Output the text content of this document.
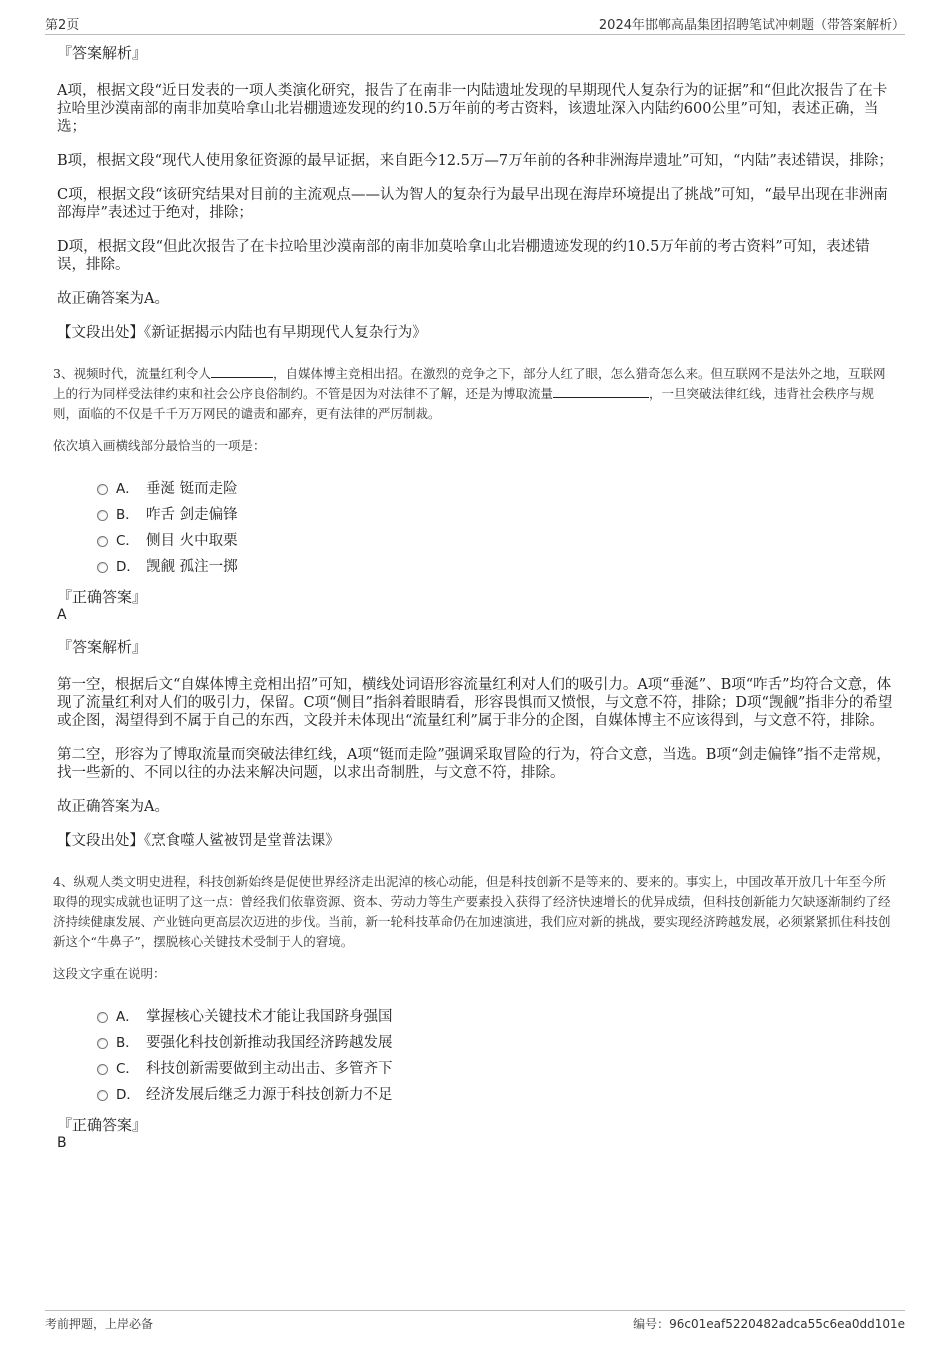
第2页	2024年邯郸高晶集团招聘笔试冲刺题（带答案解析）
『答案解析』

A项，根据文段“近日发表的一项人类演化研究，报告了在南非一内陆遗址发现的早期现代人复杂行为的证据”和“但此次报告了在卡拉哈里沙漠南部的南非加莫哈拿山北岩棚遗迹发现的约10.5万年前的考古资料，该遗址深入内陆约600公里”可知，表述正确，当选；

B项，根据文段“现代人使用象征资源的最早证据，来自距今12.5万—7万年前的各种非洲海岸遗址”可知，“内陆”表述错误，排除；

C项，根据文段“该研究结果对目前的主流观点——认为智人的复杂行为最早出现在海岸环境提出了挑战”可知，“最早出现在非洲南部海岸”表述过于绝对，排除；

D项，根据文段“但此次报告了在卡拉哈里沙漠南部的南非加莫哈拿山北岩棚遗迹发现的约10.5万年前的考古资料”可知，表述错误，排除。

故正确答案为A。

【文段出处】《新证据揭示内陆也有早期现代人复杂行为》

3、视频时代，流量红利令人	，自媒体博主竞相出招。在激烈的竞争之下，部分人红了眼，怎么猎奇怎么来。但互联网不是法外之地，互联网上的行为同样受法律约束和社会公序良俗制约。不管是因为对法律不了解，还是为博取流量	，一旦突破法律红线，违背社会秩序与规则，面临的不仅是千千万万网民的谴责和鄙弃，更有法律的严厉制裁。
依次填入画横线部分最恰当的一项是：
A． 垂涎 铤而走险
B． 咋舌 剑走偏锋
C． 侧目 火中取栗
D． 觊觎 孤注一掷
『正确答案』
A
『答案解析』

第一空，根据后文“自媒体博主竞相出招”可知，横线处词语形容流量红利对人们的吸引力。A项“垂涎”、B项“咋舌”均符合文意，体现了流量红利对人们的吸引力，保留。C项“侧目”指斜着眼睛看，形容畏惧而又愤恨，与文意不符，排除；D项“觊觎”指非分的希望或企图，渴望得到不属于自己的东西，文段并未体现出“流量红利”属于非分的企图，自媒体博主不应该得到，与文意不符，排除。

第二空，形容为了博取流量而突破法律红线，A项“铤而走险”强调采取冒险的行为，符合文意，当选。B项“剑走偏锋”指不走常规，找一些新的、不同以往的办法来解决问题，以求出奇制胜，与文意不符，排除。

故正确答案为A。

【文段出处】《烹食噬人鲨被罚是堂普法课》

4、纵观人类文明史进程，科技创新始终是促使世界经济走出泥淖的核心动能，但是科技创新不是等来的、要来的。事实上，中国改革开放几十年至今所取得的现实成就也证明了这一点：曾经我们依靠资源、资本、劳动力等生产要素投入获得了经济快速增长的优异成绩，但科技创新能力欠缺逐渐制约了经济持续健康发展、产业链向更高层次迈进的步伐。当前，新一轮科技革命仍在加速演进，我们应对新的挑战，要实现经济跨越发展，必须紧紧抓住科技创新这个“牛鼻子”，摆脱核心关键技术受制于人的窘境。
这段文字重在说明：
A． 掌握核心关键技术才能让我国跻身强国
B． 要强化科技创新推动我国经济跨越发展
C． 科技创新需要做到主动出击、多管齐下
D． 经济发展后继乏力源于科技创新力不足
『正确答案』
B
考前押题，上岸必备	编号：96c01eaf5220482adca55c6ea0dd101e
